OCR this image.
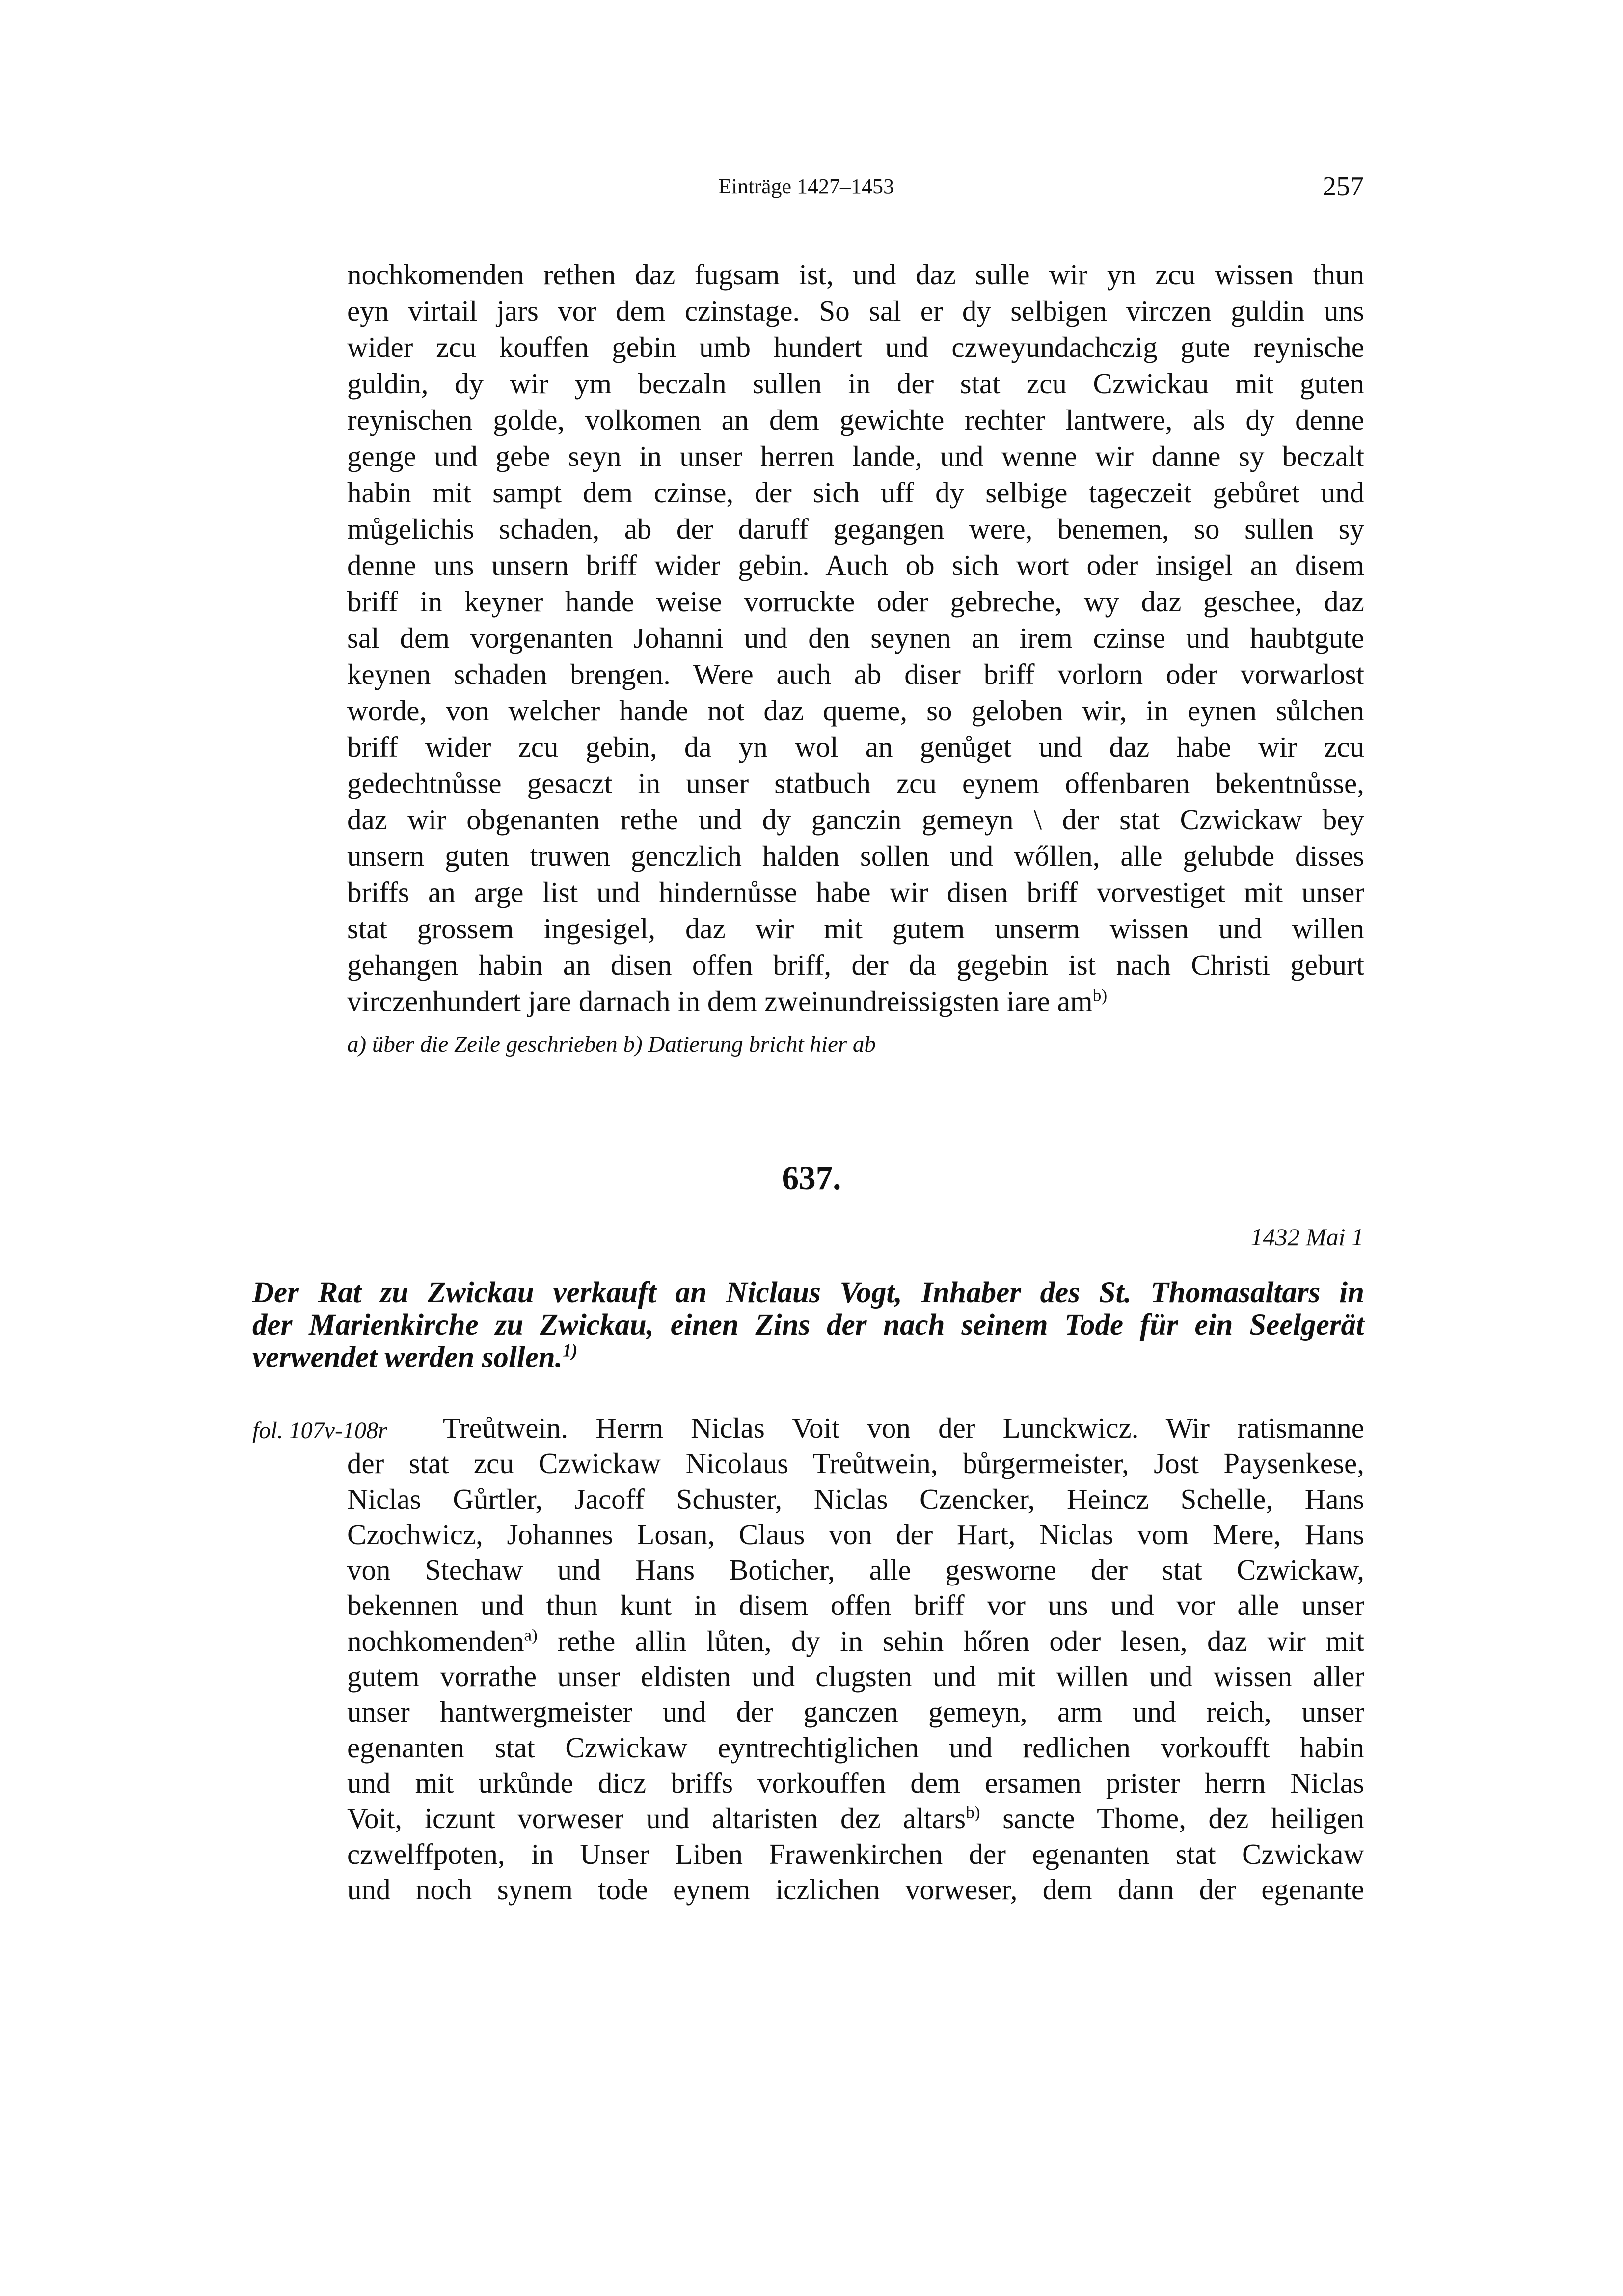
Einträge 1427–1453	257
nochkomenden rethen daz fugsam ist, und daz sulle wir yn zcu wissen thun
eyn virtail jars vor dem czinstage. So sal er dy selbigen virczen guldin uns
wider zcu kouffen gebin umb hundert und czweyundachczig gute reynische
guldin, dy wir ym beczaln sullen in der stat zcu Czwickau mit guten
reynischen golde, volkomen an dem gewichte rechter lantwere, als dy denne
genge und gebe seyn in unser herren lande, und wenne wir danne sy beczalt
habin mit sampt dem czinse, der sich uff dy selbige tageczeit gebůret und
můgelichis schaden, ab der daruff gegangen were, benemen, so sullen sy
denne uns unsern briff wider gebin. Auch ob sich wort oder insigel an disem
briff in keyner hande weise vorruckte oder gebreche, wy daz geschee, daz
sal dem vorgenanten Johanni und den seynen an irem czinse und haubtgute
keynen schaden brengen. Were auch ab diser briff vorlorn oder vorwarlost
worde, von welcher hande not daz queme, so geloben wir, in eynen sůlchen
briff wider zcu gebin, da yn wol an genůget und daz habe wir zcu
gedechtnůsse gesaczt in unser statbuch zcu eynem offenbaren bekentnůsse,
daz wir obgenanten rethe und dy ganczin gemeyn \ der stat Czwickaw bey
unsern guten truwen genczlich halden sollen und wőllen, alle gelubde disses
briffs an arge list und hindernůsse habe wir disen briff vorvestiget mit unser
stat grossem ingesigel, daz wir mit gutem unserm wissen und willen
gehangen habin an disen offen briff, der da gegebin ist nach Christi geburt
virczenhundert jare darnach in dem zweinundreissigsten iare $am^{b)}$
a) über die Zeile geschrieben b) Datierung bricht hier ab
637.
1432 Mai 1
Der Rat zu Zwickau verkauft an Niclaus Vogt, Inhaber des St. Thomasaltars in
der Marienkirche zu Zwickau, einen Zins der nach seinem Tode für ein Seelgerät
verwendet werden sollen.$^{1)}$
fol. 107v-108r	Treůtwein. Herrn Niclas Voit von der Lunckwicz. Wir ratismanne
der stat zcu Czwickaw Nicolaus Treůtwein, bůrgermeister, Jost Paysenkese,
Niclas Gůrtler, Jacoff Schuster, Niclas Czencker, Heincz Schelle, Hans
Czochwicz, Johannes Losan, Claus von der Hart, Niclas vom Mere, Hans
von Stechaw und Hans Boticher, alle gesworne der stat Czwickaw,
bekennen und thun kunt in disem offen briff vor uns und vor alle unser
nochkomenden$^{a)}$ rethe allin lůten, dy in sehin hőren oder lesen, daz wir mit
gutem vorrathe unser eldisten und clugsten und mit willen und wissen aller
unser hantwergmeister und der ganczen gemeyn, arm und reich, unser
egenanten stat Czwickaw eyntrechtiglichen und redlichen vorkoufft habin
und mit urkůnde dicz briffs vorkouffen dem ersamen prister herrn Niclas
Voit, iczunt vorweser und altaristen dez altars$^{b)}$ sancte Thome, dez heiligen
czwelffpoten, in Unser Liben Frawenkirchen der egenanten stat Czwickaw
und noch synem tode eynem iczlichen vorweser, dem dann der egenante
